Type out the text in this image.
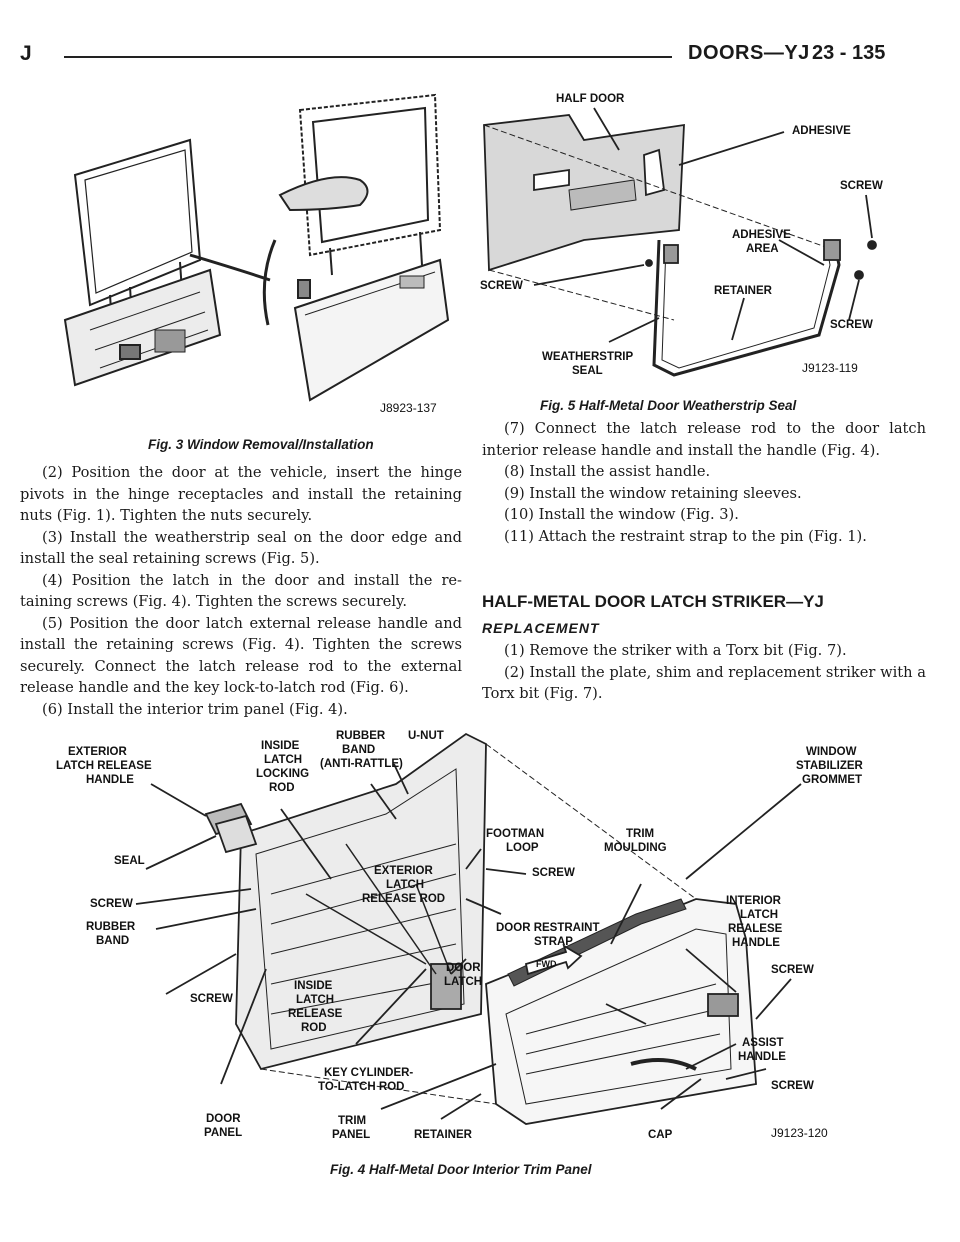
J	DOORS—YJ 23 - 135
J8923-137
Fig. 3 Window Removal/Installation
HALF DOOR
ADHESIVE
SCREW
ADHESIVE
AREA
SCREW	RETAINER
SCREW
WEATHERSTRIP
SEAL	J9123-119
Fig. 5 Half-Metal Door Weatherstrip Seal

(2) Position the door at the vehicle, insert the hinge pivots in the hinge receptacles and install the retaining nuts (Fig. 1). Tighten the nuts securely.

(3) Install the weatherstrip seal on the door edge and install the seal retaining screws (Fig. 5).

(4) Position the latch in the door and install the re-taining screws (Fig. 4). Tighten the screws securely.

(5) Position the door latch external release handle and install the retaining screws (Fig. 4). Tighten the screws securely. Connect the latch release rod to the external release handle and the key lock-to-latch rod (Fig. 6).

(6) Install the interior trim panel (Fig. 4).

(7) Connect the latch release rod to the door latch interior release handle and install the handle (Fig. 4).

(8) Install the assist handle.

(9) Install the window retaining sleeves.

(10) Install the window (Fig. 3).

(11) Attach the restraint strap to the pin (Fig. 1).

HALF-METAL DOOR LATCH STRIKER—YJ
REPLACEMENT

(1) Remove the striker with a Torx bit (Fig. 7).

(2) Install the plate, shim and replacement striker with a Torx bit (Fig. 7).

EXTERIOR
LATCH RELEASE
HANDLE
INSIDE
LATCH
LOCKING
ROD
RUBBER
BAND
(ANTI-RATTLE)
U-NUT
WINDOW
STABILIZER
GROMMET
SEAL
FOOTMAN
LOOP
TRIM
MOULDING
EXTERIOR
LATCH
RELEASE ROD
SCREW
SCREW
RUBBER
BAND
DOOR RESTRAINT
STRAP
INTERIOR
LATCH
REALESE
HANDLE
SCREW
INSIDE
LATCH
RELEASE
ROD
DOOR
LATCH
SCREW
ASSIST
HANDLE
KEY CYLINDER-
TO-LATCH ROD	SCREW
DOOR
PANEL
TRIM
PANEL	RETAINER	CAP
FWD
J9123-120
Fig. 4 Half-Metal Door Interior Trim Panel
